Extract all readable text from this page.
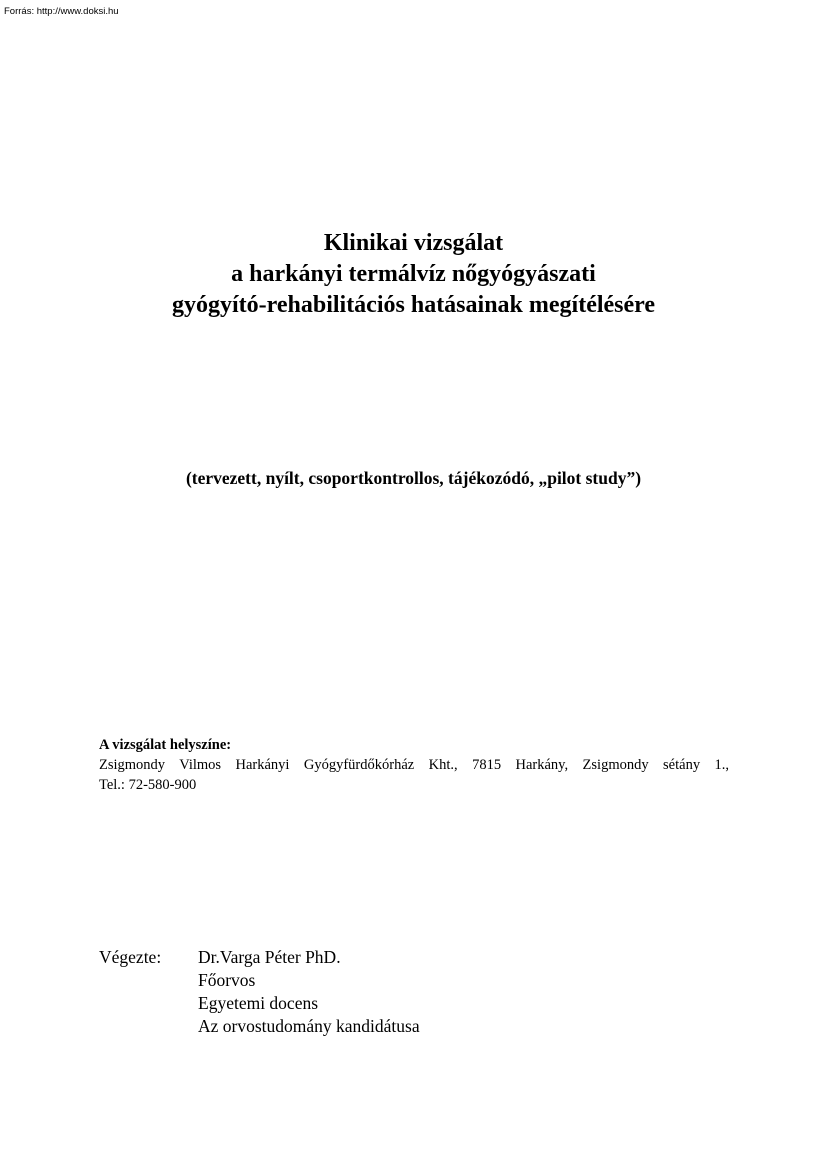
Forrás: http://www.doksi.hu
Klinikai vizsgálat
a harkányi termálvíz nőgyógyászati
gyógyító-rehabilitációs hatásainak megítélésére
(tervezett, nyílt, csoportkontrollos, tájékozódó, „pilot study”)
A vizsgálat helyszíne:
Zsigmondy Vilmos Harkányi Gyógyfürdőkórház Kht., 7815 Harkány, Zsigmondy sétány 1.,
Tel.: 72-580-900
Végezte: Dr.Varga Péter PhD.
Főorvos
Egyetemi docens
Az orvostudomány kandidátusa
